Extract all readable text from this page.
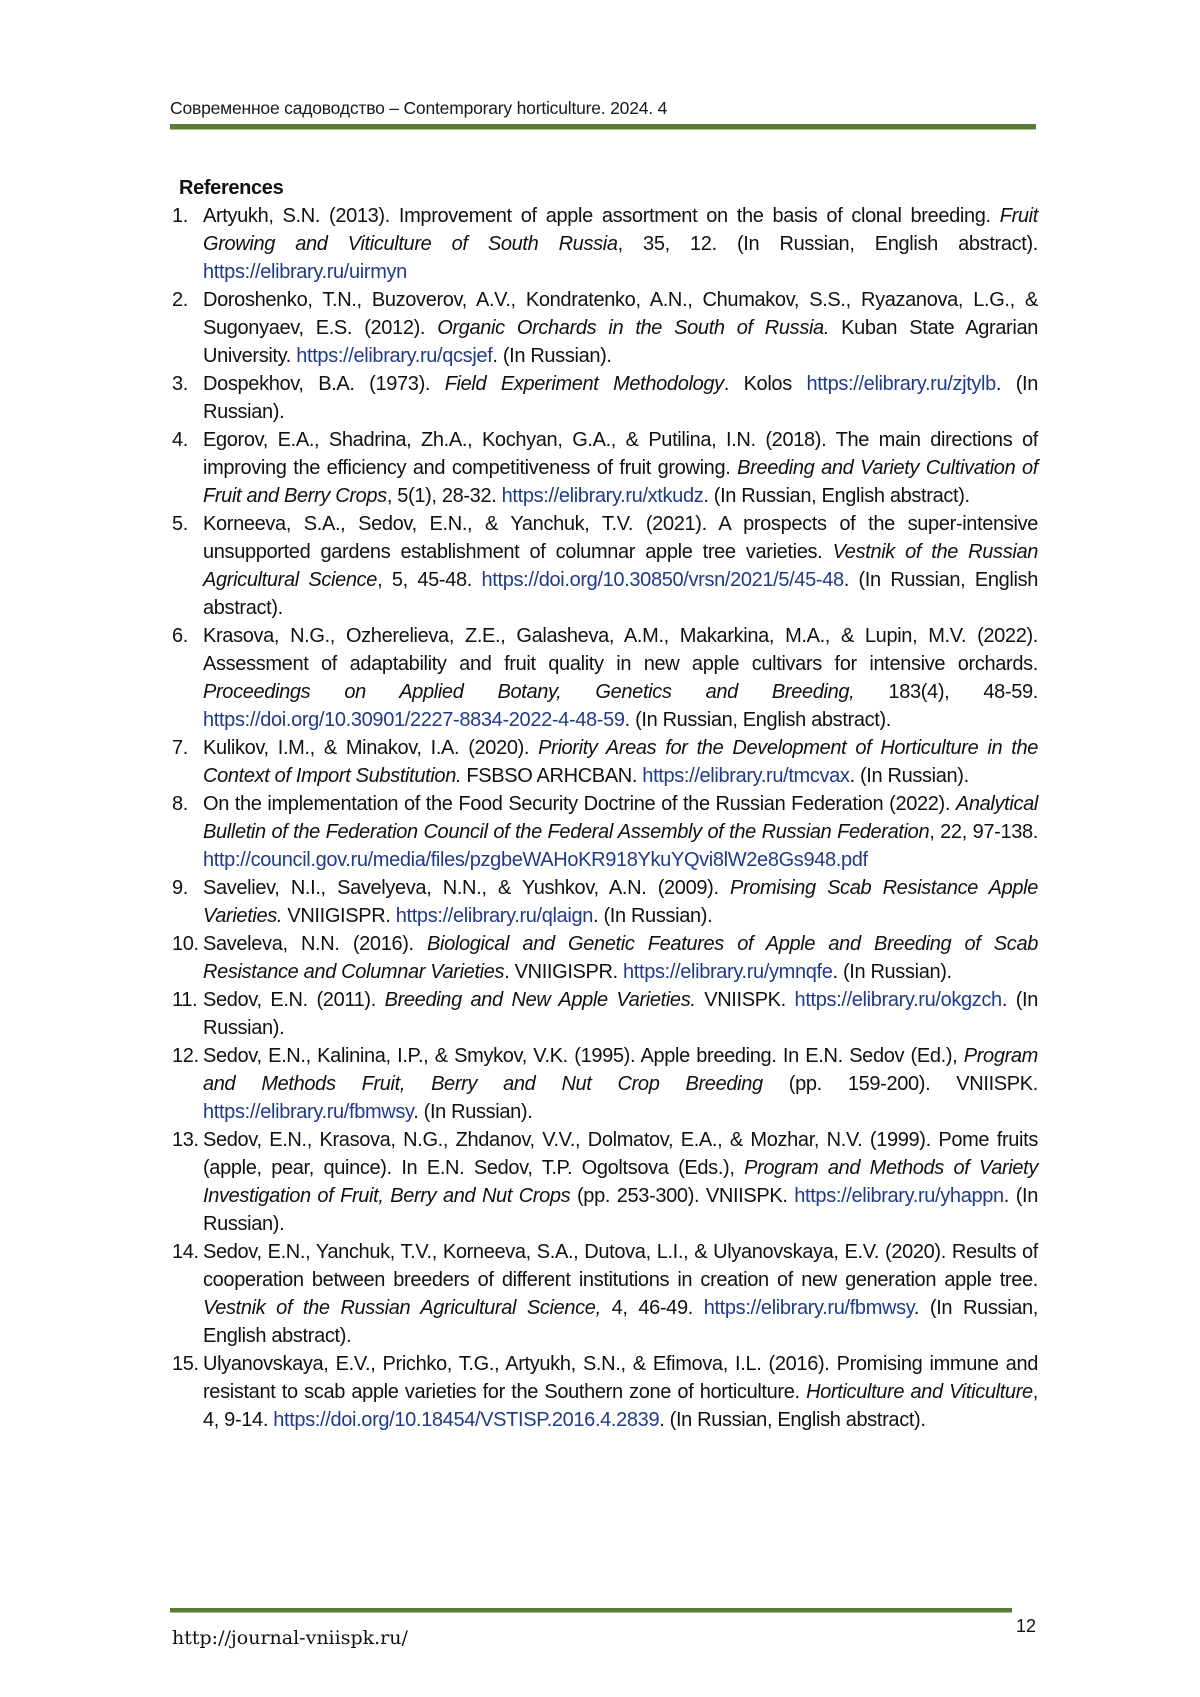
Современное садоводство – Contemporary horticulture. 2024. 4
References
1. Artyukh, S.N. (2013). Improvement of apple assortment on the basis of clonal breeding. Fruit Growing and Viticulture of South Russia, 35, 12. (In Russian, English abstract). https://elibrary.ru/uirmyn
2. Doroshenko, T.N., Buzoverov, A.V., Kondratenko, A.N., Chumakov, S.S., Ryazanova, L.G., & Sugonyaev, E.S. (2012). Organic Orchards in the South of Russia. Kuban State Agrarian University. https://elibrary.ru/qcsjef. (In Russian).
3. Dospekhov, B.A. (1973). Field Experiment Methodology. Kolos https://elibrary.ru/zjtylb. (In Russian).
4. Egorov, E.A., Shadrina, Zh.A., Kochyan, G.A., & Putilina, I.N. (2018). The main directions of improving the efficiency and competitiveness of fruit growing. Breeding and Variety Cultivation of Fruit and Berry Crops, 5(1), 28-32. https://elibrary.ru/xtkudz. (In Russian, English abstract).
5. Korneeva, S.A., Sedov, E.N., & Yanchuk, T.V. (2021). A prospects of the super-intensive unsupported gardens establishment of columnar apple tree varieties. Vestnik of the Russian Agricultural Science, 5, 45-48. https://doi.org/10.30850/vrsn/2021/5/45-48. (In Russian, English abstract).
6. Krasova, N.G., Ozherelieva, Z.E., Galasheva, A.M., Makarkina, M.A., & Lupin, M.V. (2022). Assessment of adaptability and fruit quality in new apple cultivars for intensive orchards. Proceedings on Applied Botany, Genetics and Breeding, 183(4), 48-59. https://doi.org/10.30901/2227-8834-2022-4-48-59. (In Russian, English abstract).
7. Kulikov, I.M., & Minakov, I.A. (2020). Priority Areas for the Development of Horticulture in the Context of Import Substitution. FSBSO ARHCBAN. https://elibrary.ru/tmcvax. (In Russian).
8. On the implementation of the Food Security Doctrine of the Russian Federation (2022). Analytical Bulletin of the Federation Council of the Federal Assembly of the Russian Federation, 22, 97-138. http://council.gov.ru/media/files/pzgbeWAHoKR918YkuYQvi8lW2e8Gs948.pdf
9. Saveliev, N.I., Savelyeva, N.N., & Yushkov, A.N. (2009). Promising Scab Resistance Apple Varieties. VNIIGISPR. https://elibrary.ru/qlaign. (In Russian).
10. Saveleva, N.N. (2016). Biological and Genetic Features of Apple and Breeding of Scab Resistance and Columnar Varieties. VNIIGISPR. https://elibrary.ru/ymnqfe. (In Russian).
11. Sedov, E.N. (2011). Breeding and New Apple Varieties. VNIISPK. https://elibrary.ru/okgzch. (In Russian).
12. Sedov, E.N., Kalinina, I.P., & Smykov, V.K. (1995). Apple breeding. In E.N. Sedov (Ed.), Program and Methods Fruit, Berry and Nut Crop Breeding (pp. 159-200). VNIISPK. https://elibrary.ru/fbmwsy. (In Russian).
13. Sedov, E.N., Krasova, N.G., Zhdanov, V.V., Dolmatov, E.A., & Mozhar, N.V. (1999). Pome fruits (apple, pear, quince). In E.N. Sedov, T.P. Ogoltsova (Eds.), Program and Methods of Variety Investigation of Fruit, Berry and Nut Crops (pp. 253-300). VNIISPK. https://elibrary.ru/yhappn. (In Russian).
14. Sedov, E.N., Yanchuk, T.V., Korneeva, S.A., Dutova, L.I., & Ulyanovskaya, E.V. (2020). Results of cooperation between breeders of different institutions in creation of new generation apple tree. Vestnik of the Russian Agricultural Science, 4, 46-49. https://elibrary.ru/fbmwsy. (In Russian, English abstract).
15. Ulyanovskaya, E.V., Prichko, T.G., Artyukh, S.N., & Efimova, I.L. (2016). Promising immune and resistant to scab apple varieties for the Southern zone of horticulture. Horticulture and Viticulture, 4, 9-14. https://doi.org/10.18454/VSTISP.2016.4.2839. (In Russian, English abstract).
http://journal-vniispk.ru/
12
